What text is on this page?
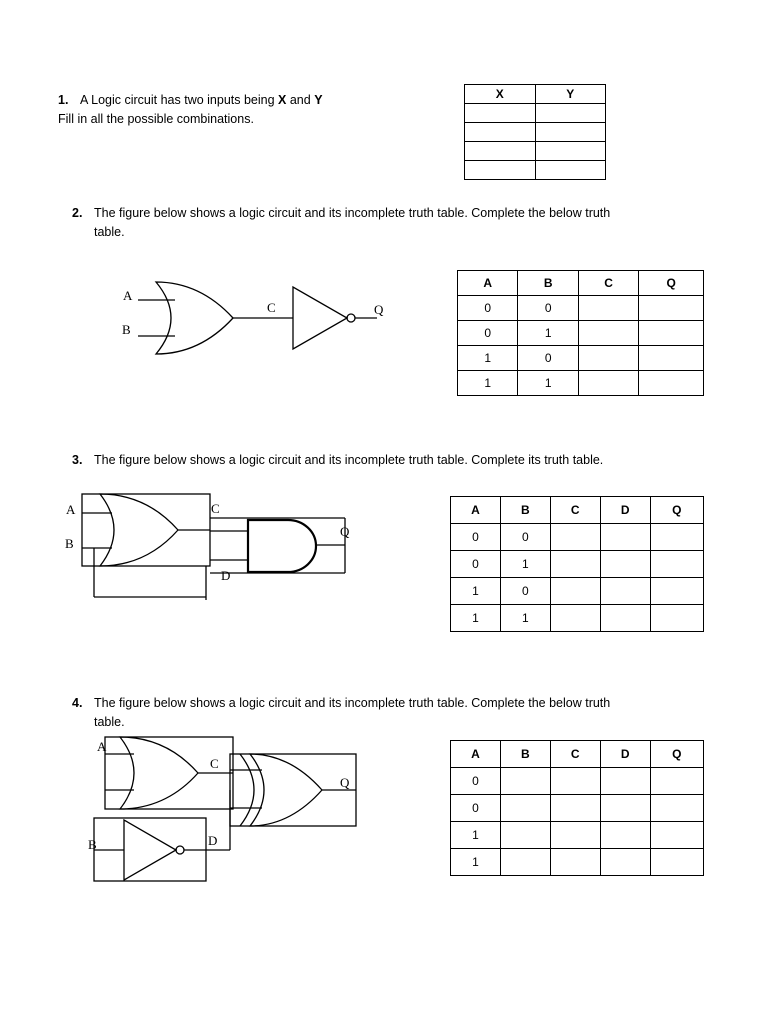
1. A Logic circuit has two inputs being X and Y
Fill in all the possible combinations.
X	Y

2. The figure below shows a logic circuit and its incomplete truth table. Complete the below truth
table.
A	B	C	Q
0	0		
0	1		
1	0		
1	1		
3. The figure below shows a logic circuit and its incomplete truth table. Complete its truth table.
A	B	C	D	Q
0	0			
0	1			
1	0			
1	1			
4. The figure below shows a logic circuit and its incomplete truth table. Complete the below truth
table.
A	B	C	D	Q
0				
0				
1				
1				
A
B
C	Q
A
B
C
D
Q
A
B
C
D
Q
